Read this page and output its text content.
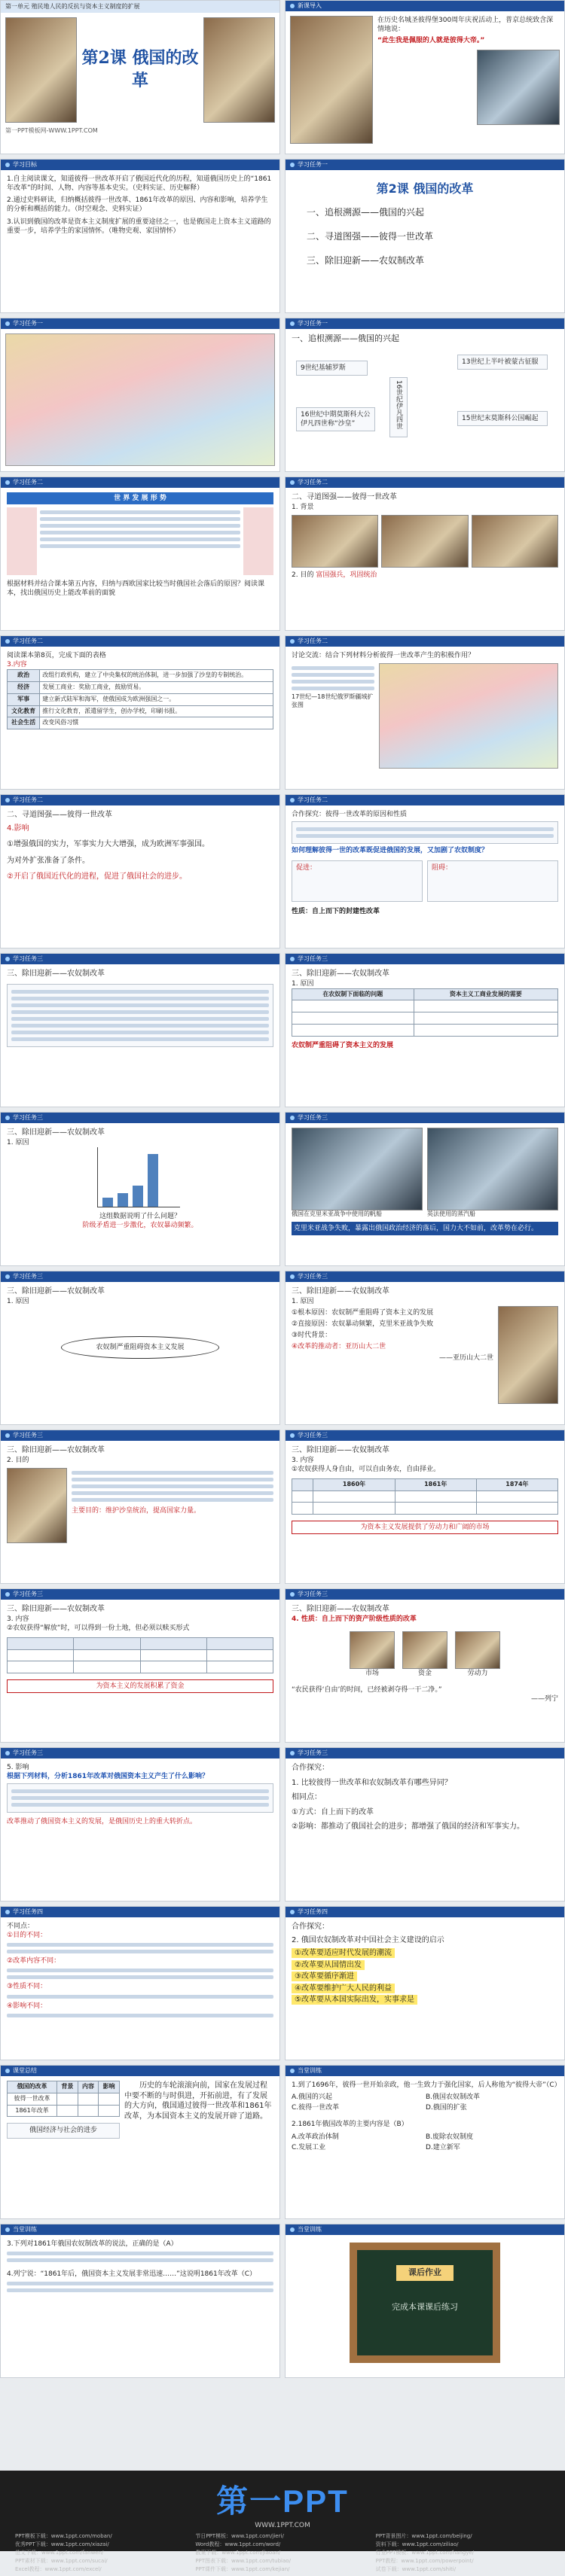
第一单元 殖民地人民的反抗与资本主义制度的扩展
第2课 俄国的改革
第一PPT模板网-WWW.1PPT.COM
新课导入
在历史名城圣彼得堡300周年庆祝活动上，普京总统致含深情地说：
“此生我是佩服的人就是彼得大帝。”
学习目标

1.自主阅读课文，知道彼得一世改革开启了俄国近代化的历程，知道俄国历史上的“1861年改革”的时间、人物、内容等基本史实。（史料实证、历史解释）

2.通过史料研读，归纳概括彼得一世改革、1861年改革的原因、内容和影响，培养学生的分析和概括的能力。（时空观念、史料实证）

3.认识到俄国的改革是资本主义制度扩展的重要途径之一，也是俄国走上资本主义道路的重要一步，培养学生的家国情怀。（唯物史观、家国情怀）

学习任务一
第2课 俄国的改革

一、追根溯源——俄国的兴起

二、寻道图强——彼得一世改革

三、除旧迎新——农奴制改革

学习任务一	学习任务一
一、追根溯源——俄国的兴起
9世纪基辅罗斯
16世纪中期莫斯科大公伊凡四世称“沙皇”	16世纪伊凡四世
13世纪上半叶被蒙古征服
15世纪末莫斯科公国崛起
学习任务二
世 界 发 展 形 势
根据材料并结合课本第五内容，归纳与西欧国家比较当时俄国社会落后的原因？阅读课本，找出俄国历史上能改革前的面貌
学习任务二
二、寻道图强——彼得一世改革
1. 背景
2. 目的 富国强兵，巩固统治
学习任务二
阅读课本第8页，完成下面的表格
3.内容
政治	改组行政机构，建立了中央集权的统治体制，进一步加强了沙皇的专制统治。
经济	发展工商业：奖励工商业，鼓励贸易。
军事	建立新式陆军和海军，使俄国成为欧洲强国之一。
文化教育	推行文化教育，派遣留学生，创办学校，印刷书报。
社会生活	改变风俗习惯
学习任务二
讨论交流：结合下列材料分析彼得一世改革产生的积极作用？
17世纪—18世纪俄罗斯疆域扩张图
学习任务二
二、寻道图强——彼得一世改革
4.影响

①增强俄国的实力，军事实力大大增强，成为欧洲军事强国。

为对外扩张准备了条件。

②开启了俄国近代化的进程，促进了俄国社会的进步。

学习任务二
合作探究：彼得一世改革的原因和性质
如何理解彼得一世的改革既促进俄国的发展，又加剧了农奴制度？
促进：	阻碍：
性质：自上而下的封建性改革
学习任务三
三、除旧迎新——农奴制改革
学习任务三
三、除旧迎新——农奴制改革
1. 原因
在农奴制下面临的问题	资本主义工商业发展的需要

农奴制严重阻碍了资本主义的发展
学习任务三
三、除旧迎新——农奴制改革
1. 原因
这组数据说明了什么问题？
阶级矛盾进一步激化，农奴暴动频繁。
学习任务三
俄国在克里米亚战争中使用的帆船	英法使用的蒸汽船
克里米亚战争失败，暴露出俄国政治经济的落后，国力大不如前，改革势在必行。
学习任务三
三、除旧迎新——农奴制改革
1. 原因
农奴制严重阻碍资本主义发展
学习任务三
三、除旧迎新——农奴制改革
1. 原因

①根本原因：农奴制严重阻碍了资本主义的发展

②直接原因：农奴暴动频繁，克里米亚战争失败

③时代背景：

④改革的推动者：亚历山大二世

——亚历山大二世

学习任务三
三、除旧迎新——农奴制改革
2. 目的
主要目的：维护沙皇统治，提高国家力量。
学习任务三
三、除旧迎新——农奴制改革
3. 内容
①农奴获得人身自由，可以自由务农，自由择业。
	1860年	1861年	1874年

为资本主义发展提供了劳动力和广阔的市场
学习任务三
三、除旧迎新——农奴制改革
3. 内容
②农奴获得“解放”时，可以得到一份土地，但必须以赎买形式

为资本主义的发展积累了资金
学习任务三
三、除旧迎新——农奴制改革
4. 性质：自上而下的资产阶级性质的改革
市场	资金	劳动力
“农民获得‘自由’的时间，已经被剥夺得一干二净。”
——列宁
学习任务三
5. 影响
根据下列材料，分析1861年改革对俄国资本主义产生了什么影响？
改革推动了俄国资本主义的发展，是俄国历史上的重大转折点。
学习任务三
合作探究：
1. 比较彼得一世改革和农奴制改革有哪些异同？
相同点：
①方式：自上而下的改革
②影响：都推动了俄国社会的进步；都增强了俄国的经济和军事实力。
学习任务四
不同点：
①目的不同：
②改革内容不同：
③性质不同：
④影响不同：
学习任务四
合作探究：
2. 俄国农奴制改革对中国社会主义建设的启示
①改革要适应时代发展的潮流
②改革要从国情出发
③改革要循序渐进
④改革要维护广大人民的利益
⑤改革要从本国实际出发，实事求是
课堂总结
俄国的改革	背景	内容	影响
彼得一世改革			
1861年改革			
俄国经济与社会的进步
历史的车轮滚滚向前，国家在发展过程中要不断的与时俱进，开拓前进，有了发展的大方向，俄国通过彼得一世改革和1861年改革，为本国资本主义的发展开辟了道路。
当堂训练
1.到了1696年，彼得一世开始亲政，他一生致力于强化国家，后人称他为“彼得大帝”（C）
A.俄国的兴起	B.俄国农奴制改革
C.彼得一世改革	D.俄国的扩张
2.1861年俄国改革的主要内容是（B）
A.改革政治体制	B.废除农奴制度
C.发展工业	D.建立新军
当堂训练
3.下列对1861年俄国农奴制改革的说法，正确的是（A）
4.列宁说：“1861年后，俄国资本主义发展非常迅速……”这说明1861年改革（C）
当堂训练
课后作业
完成本课课后练习
第一PPT
WWW.1PPT.COM
PPT模板下载：www.1ppt.com/moban/	节日PPT模板：www.1ppt.com/jieri/	PPT背景图片：www.1ppt.com/beijing/
优秀PPT下载：www.1ppt.com/xiazai/	Word教程：www.1ppt.com/word/	资料下载：www.1ppt.com/ziliao/
范文下载：www.1ppt.com/fanwen/	教案下载：www.1ppt.com/jiaoan/	行业PPT模板：www.1ppt.com/hangye/
PPT素材下载：www.1ppt.com/sucai/	PPT图表下载：www.1ppt.com/tubiao/	PPT教程：www.1ppt.com/powerpoint/
Excel教程：www.1ppt.com/excel/	PPT课件下载：www.1ppt.com/kejian/	试卷下载：www.1ppt.com/shiti/
